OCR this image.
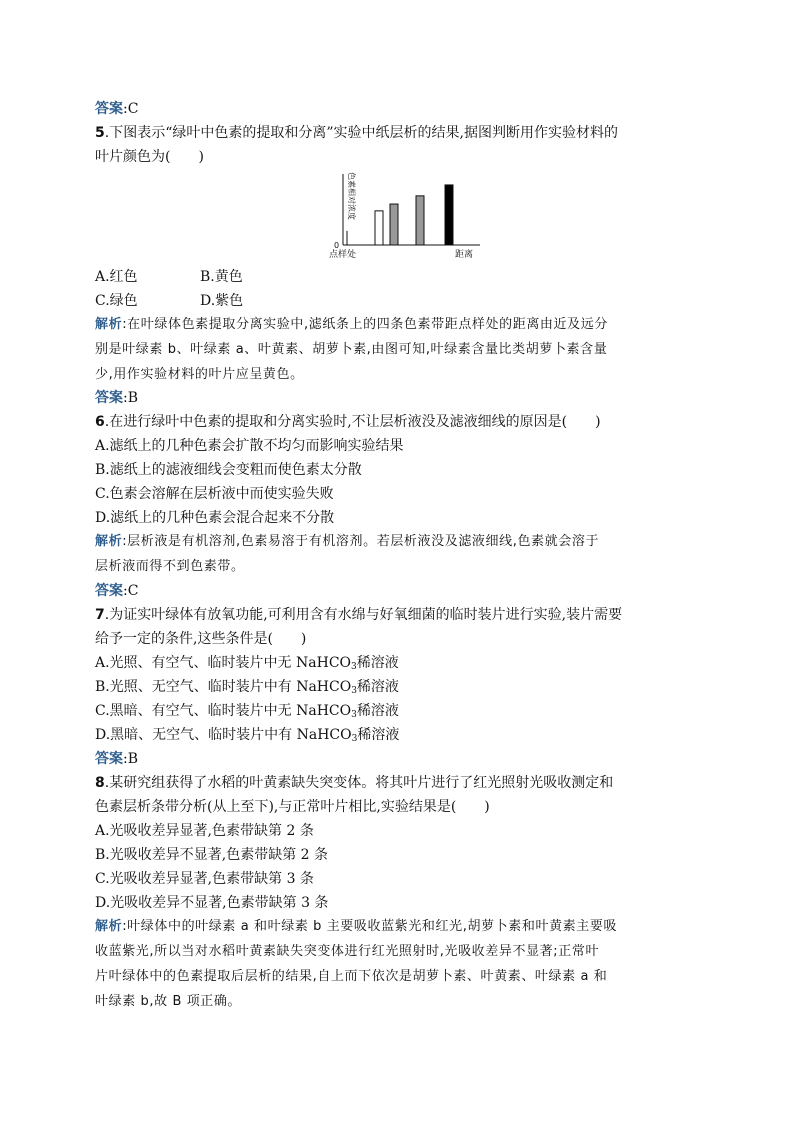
答案:C
5.下图表示“绿叶中色素的提取和分离”实验中纸层析的结果,据图判断用作实验材料的
叶片颜色为(　　)
色素相对浓度
0
点样处	距离
A.红色	B.黄色
C.绿色	D.紫色
解析:在叶绿体色素提取分离实验中,滤纸条上的四条色素带距点样处的距离由近及远分
别是叶绿素 b、叶绿素 a、叶黄素、胡萝卜素,由图可知,叶绿素含量比类胡萝卜素含量
少,用作实验材料的叶片应呈黄色。
答案:B
6.在进行绿叶中色素的提取和分离实验时,不让层析液没及滤液细线的原因是(　　)
A.滤纸上的几种色素会扩散不均匀而影响实验结果
B.滤纸上的滤液细线会变粗而使色素太分散
C.色素会溶解在层析液中而使实验失败
D.滤纸上的几种色素会混合起来不分散
解析:层析液是有机溶剂,色素易溶于有机溶剂。若层析液没及滤液细线,色素就会溶于
层析液而得不到色素带。
答案:C
7.为证实叶绿体有放氧功能,可利用含有水绵与好氧细菌的临时装片进行实验,装片需要
给予一定的条件,这些条件是(　　)
A.光照、有空气、临时装片中无 NaHCO$_3$稀溶液
B.光照、无空气、临时装片中有 NaHCO$_3$稀溶液
C.黑暗、有空气、临时装片中无 NaHCO$_3$稀溶液
D.黑暗、无空气、临时装片中有 NaHCO$_3$稀溶液
答案:B
8.某研究组获得了水稻的叶黄素缺失突变体。将其叶片进行了红光照射光吸收测定和
色素层析条带分析(从上至下),与正常叶片相比,实验结果是(　　)
A.光吸收差异显著,色素带缺第 2 条
B.光吸收差异不显著,色素带缺第 2 条
C.光吸收差异显著,色素带缺第 3 条
D.光吸收差异不显著,色素带缺第 3 条
解析:叶绿体中的叶绿素 a 和叶绿素 b 主要吸收蓝紫光和红光,胡萝卜素和叶黄素主要吸
收蓝紫光,所以当对水稻叶黄素缺失突变体进行红光照射时,光吸收差异不显著;正常叶
片叶绿体中的色素提取后层析的结果,自上而下依次是胡萝卜素、叶黄素、叶绿素 a 和
叶绿素 b,故 B 项正确。
